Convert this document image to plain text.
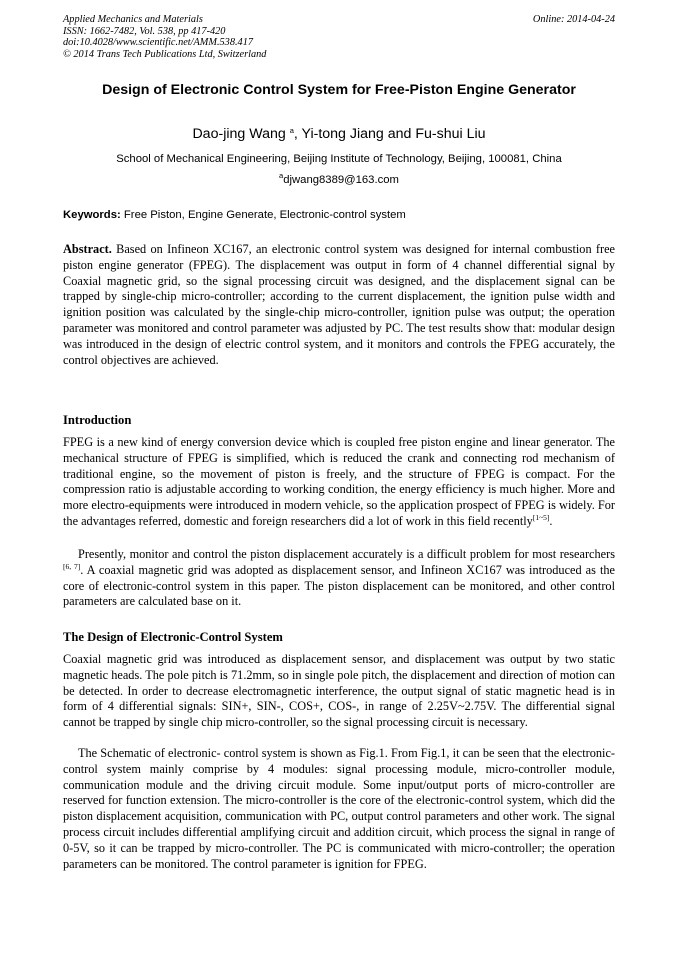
Applied Mechanics and Materials
ISSN: 1662-7482, Vol. 538, pp 417-420
doi:10.4028/www.scientific.net/AMM.538.417
© 2014 Trans Tech Publications Ltd, Switzerland
Online: 2014-04-24
Design of Electronic Control System for Free-Piston Engine Generator
Dao-jing Wang $^a$, Yi-tong Jiang and Fu-shui Liu
School of Mechanical Engineering, Beijing Institute of Technology, Beijing, 100081, China
$^a$djwang8389@163.com
Keywords: Free Piston, Engine Generate, Electronic-control system
Abstract. Based on Infineon XC167, an electronic control system was designed for internal combustion free piston engine generator (FPEG). The displacement was output in form of 4 channel differential signal by Coaxial magnetic grid, so the signal processing circuit was designed, and the displacement signal can be trapped by single-chip micro-controller; according to the current displacement, the ignition pulse width and ignition position was calculated by the single-chip micro-controller, ignition pulse was output; the operation parameter was monitored and control parameter was adjusted by PC. The test results show that: modular design was introduced in the design of electric control system, and it monitors and controls the FPEG accurately, the control objectives are achieved.
Introduction
FPEG is a new kind of energy conversion device which is coupled free piston engine and linear generator. The mechanical structure of FPEG is simplified, which is reduced the crank and connecting rod mechanism of traditional engine, so the movement of piston is freely, and the structure of FPEG is compact. For the compression ratio is adjustable according to working condition, the energy efficiency is much higher. More and more electro-equipments were introduced in modern vehicle, so the application prospect of FPEG is widely. For the advantages referred, domestic and foreign researchers did a lot of work in this field recently[1~5].
Presently, monitor and control the piston displacement accurately is a difficult problem for most researchers [6, 7]. A coaxial magnetic grid was adopted as displacement sensor, and Infineon XC167 was introduced as the core of electronic-control system in this paper. The piston displacement can be monitored, and other control parameters are calculated base on it.
The Design of Electronic-Control System
Coaxial magnetic grid was introduced as displacement sensor, and displacement was output by two static magnetic heads. The pole pitch is 71.2mm, so in single pole pitch, the displacement and direction of motion can be detected. In order to decrease electromagnetic interference, the output signal of static magnetic head is in form of 4 differential signals: SIN+, SIN-, COS+, COS-, in range of 2.25V~2.75V. The differential signal cannot be trapped by single chip micro-controller, so the signal processing circuit is necessary.
The Schematic of electronic- control system is shown as Fig.1. From Fig.1, it can be seen that the electronic-control system mainly comprise by 4 modules: signal processing module, micro-controller module, communication module and the driving circuit module. Some input/output ports of micro-controller are reserved for function extension. The micro-controller is the core of the electronic-control system, which did the piston displacement acquisition, communication with PC, output control parameters and other work. The signal process circuit includes differential amplifying circuit and addition circuit, which process the signal in range of 0-5V, so it can be trapped by micro-controller. The PC is communicated with micro-controller; the operation parameters can be monitored. The control parameter is ignition for FPEG.
